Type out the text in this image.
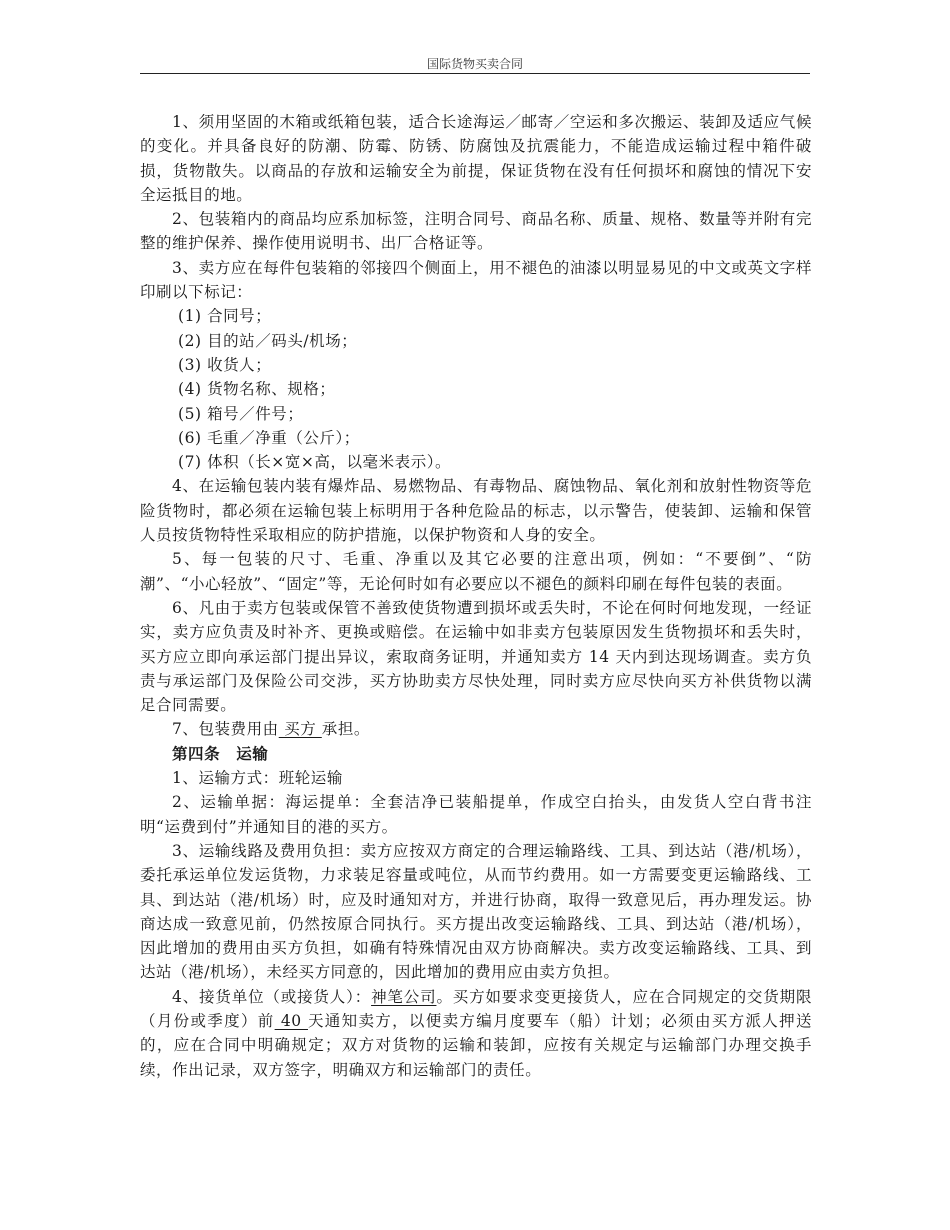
国际货物买卖合同

1、须用坚固的木箱或纸箱包装，适合长途海运／邮寄／空运和多次搬运、装卸及适应气候的变化。并具备良好的防潮、防霉、防锈、防腐蚀及抗震能力，不能造成运输过程中箱件破损，货物散失。以商品的存放和运输安全为前提，保证货物在没有任何损坏和腐蚀的情况下安全运抵目的地。

2、包装箱内的商品均应系加标签，注明合同号、商品名称、质量、规格、数量等并附有完整的维护保养、操作使用说明书、出厂合格证等。

3、卖方应在每件包装箱的邻接四个侧面上，用不褪色的油漆以明显易见的中文或英文字样印刷以下标记：

(1) 合同号；

(2) 目的站／码头/机场；

(3) 收货人；

(4) 货物名称、规格；

(5) 箱号／件号；

(6) 毛重／净重（公斤）；

(7) 体积（长×宽×高，以毫米表示）。

4、在运输包装内装有爆炸品、易燃物品、有毒物品、腐蚀物品、氧化剂和放射性物资等危险货物时，都必须在运输包装上标明用于各种危险品的标志，以示警告，使装卸、运输和保管人员按货物特性采取相应的防护措施，以保护物资和人身的安全。

5、每一包装的尺寸、毛重、净重以及其它必要的注意出项，例如：“不要倒”、“防潮”、“小心轻放”、“固定”等，无论何时如有必要应以不褪色的颜料印刷在每件包装的表面。

6、凡由于卖方包装或保管不善致使货物遭到损坏或丢失时，不论在何时何地发现，一经证实，卖方应负责及时补齐、更换或赔偿。在运输中如非卖方包装原因发生货物损坏和丢失时，买方应立即向承运部门提出异议，索取商务证明，并通知卖方 14 天内到达现场调查。卖方负责与承运部门及保险公司交涉，买方协助卖方尽快处理，同时卖方应尽快向买方补供货物以满足合同需要。

7、包装费用由 买方 承担。

第四条　运输

1、运输方式：班轮运输

2、运输单据：海运提单：全套洁净已装船提单，作成空白抬头，由发货人空白背书注明“运费到付”并通知目的港的买方。

3、运输线路及费用负担：卖方应按双方商定的合理运输路线、工具、到达站（港/机场），委托承运单位发运货物，力求装足容量或吨位，从而节约费用。如一方需要变更运输路线、工具、到达站（港/机场）时，应及时通知对方，并进行协商，取得一致意见后，再办理发运。协商达成一致意见前，仍然按原合同执行。买方提出改变运输路线、工具、到达站（港/机场），因此增加的费用由买方负担，如确有特殊情况由双方协商解决。卖方改变运输路线、工具、到达站（港/机场），未经买方同意的，因此增加的费用应由卖方负担。

4、接货单位（或接货人）：神笔公司。买方如要求变更接货人，应在合同规定的交货期限（月份或季度）前 40 天通知卖方，以便卖方编月度要车（船）计划；必须由买方派人押送的，应在合同中明确规定；双方对货物的运输和装卸，应按有关规定与运输部门办理交换手续，作出记录，双方签字，明确双方和运输部门的责任。
